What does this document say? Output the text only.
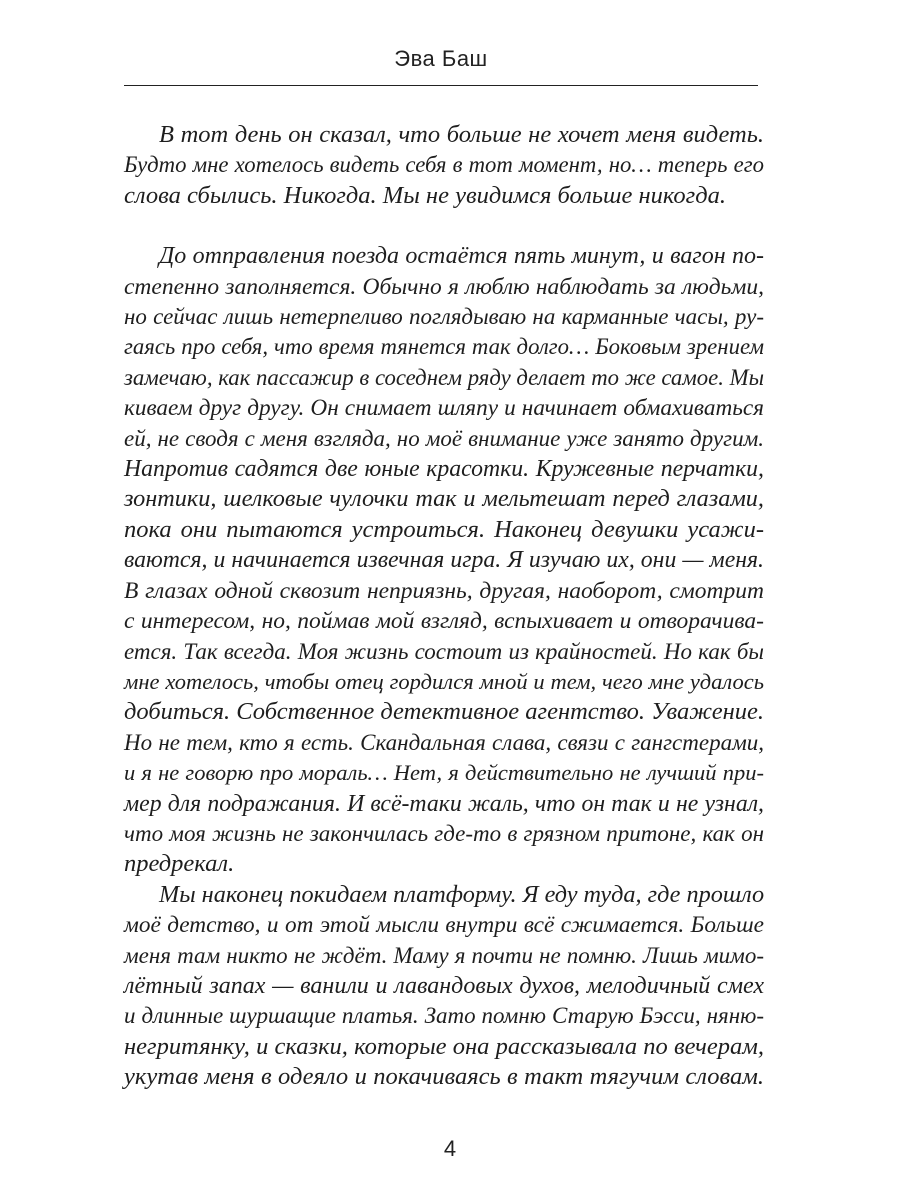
Эва Баш
В тот день он сказал, что больше не хочет меня видеть.
Будто мне хотелось видеть себя в тот момент, но… теперь его
слова сбылись. Никогда. Мы не увидимся больше никогда.
До отправления поезда остаётся пять минут, и вагон по-
степенно заполняется. Обычно я люблю наблюдать за людьми,
но сейчас лишь нетерпеливо поглядываю на карманные часы, ру-
гаясь про себя, что время тянется так долго… Боковым зрением
замечаю, как пассажир в соседнем ряду делает то же самое. Мы
киваем друг другу. Он снимает шляпу и начинает обмахиваться
ей, не сводя с меня взгляда, но моё внимание уже занято другим.
Напротив садятся две юные красотки. Кружевные перчатки,
зонтики, шелковые чулочки так и мельтешат перед глазами,
пока они пытаются устроиться. Наконец девушки усажи-
ваются, и начинается извечная игра. Я изучаю их, они — меня.
В глазах одной сквозит неприязнь, другая, наоборот, смотрит
с интересом, но, поймав мой взгляд, вспыхивает и отворачива-
ется. Так всегда. Моя жизнь состоит из крайностей. Но как бы
мне хотелось, чтобы отец гордился мной и тем, чего мне удалось
добиться. Собственное детективное агентство. Уважение.
Но не тем, кто я есть. Скандальная слава, связи с гангстерами,
и я не говорю про мораль… Нет, я действительно не лучший при-
мер для подражания. И всё-таки жаль, что он так и не узнал,
что моя жизнь не закончилась где-то в грязном притоне, как он
предрекал.
Мы наконец покидаем платформу. Я еду туда, где прошло
моё детство, и от этой мысли внутри всё сжимается. Больше
меня там никто не ждёт. Маму я почти не помню. Лишь мимо-
лётный запах — ванили и лавандовых духов, мелодичный смех
и длинные шуршащие платья. Зато помню Старую Бэсси, няню-
негритянку, и сказки, которые она рассказывала по вечерам,
укутав меня в одеяло и покачиваясь в такт тягучим словам.
4
